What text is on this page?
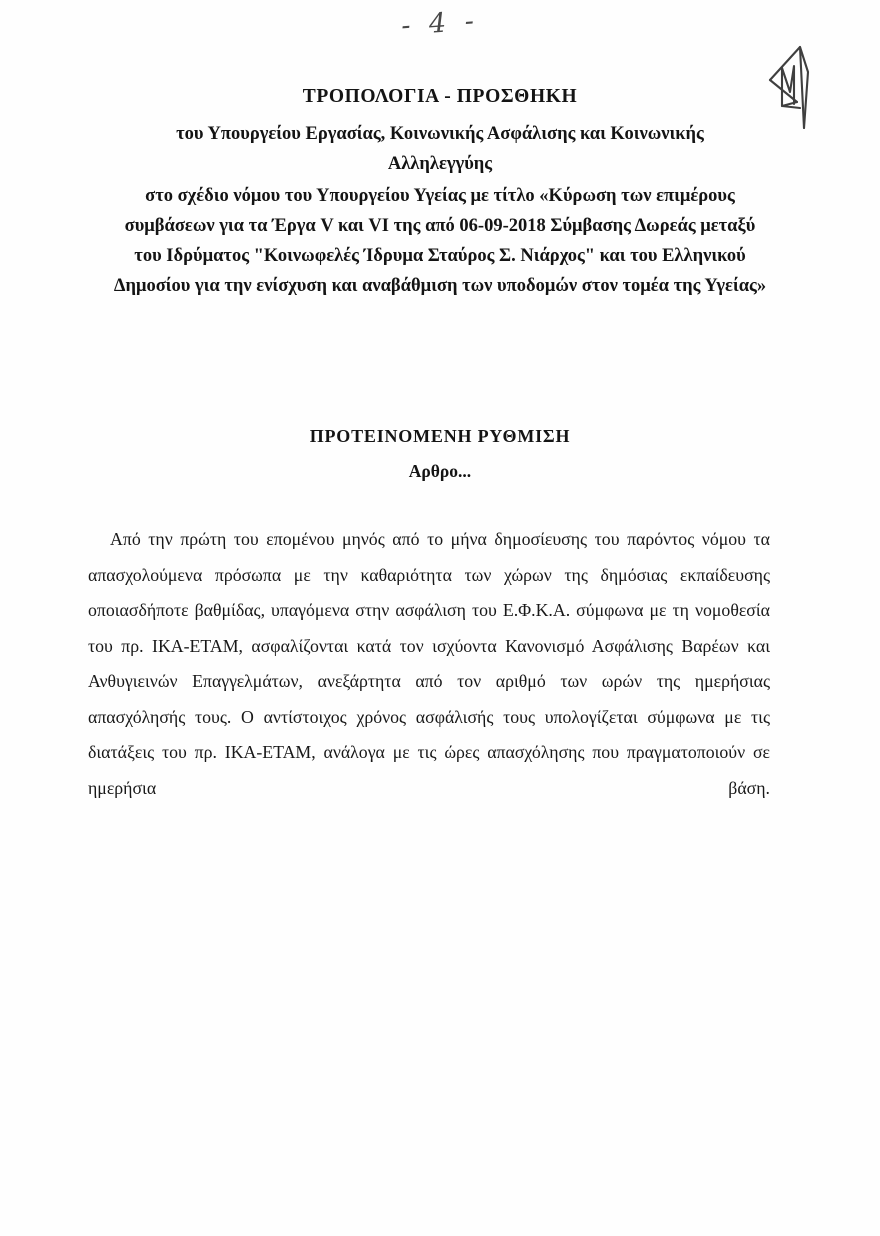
- 4 -
ΤΡΟΠΟΛΟΓΙΑ - ΠΡΟΣΘΗΚΗ
του Υπουργείου Εργασίας, Κοινωνικής Ασφάλισης και Κοινωνικής Αλληλεγγύης
στο σχέδιο νόμου του Υπουργείου Υγείας με τίτλο «Κύρωση των επιμέρους συμβάσεων για τα Έργα V και VI της από 06-09-2018 Σύμβασης Δωρεάς μεταξύ του Ιδρύματος "Κοινωφελές Ίδρυμα Σταύρος Σ. Νιάρχος" και του Ελληνικού Δημοσίου για την ενίσχυση και αναβάθμιση των υποδομών στον τομέα της Υγείας»
ΠΡΟΤΕΙΝΟΜΕΝΗ ΡΥΘΜΙΣΗ
Αρθρο...

Από την πρώτη του επομένου μηνός από το μήνα δημοσίευσης του παρόντος νόμου τα απασχολούμενα πρόσωπα με την καθαριότητα των χώρων της δημόσιας εκπαίδευσης οποιασδήποτε βαθμίδας, υπαγόμενα στην ασφάλιση του Ε.Φ.Κ.Α. σύμφωνα με τη νομοθεσία του πρ. ΙΚΑ-ΕΤΑΜ, ασφαλίζονται κατά τον ισχύοντα Κανονισμό Ασφάλισης Βαρέων και Ανθυγιεινών Επαγγελμάτων, ανεξάρτητα από τον αριθμό των ωρών της ημερήσιας απασχόλησής τους. Ο αντίστοιχος χρόνος ασφάλισής τους υπολογίζεται σύμφωνα με τις διατάξεις του πρ. ΙΚΑ-ΕΤΑΜ, ανάλογα με τις ώρες απασχόλησης που πραγματοποιούν σε ημερήσια βάση.
